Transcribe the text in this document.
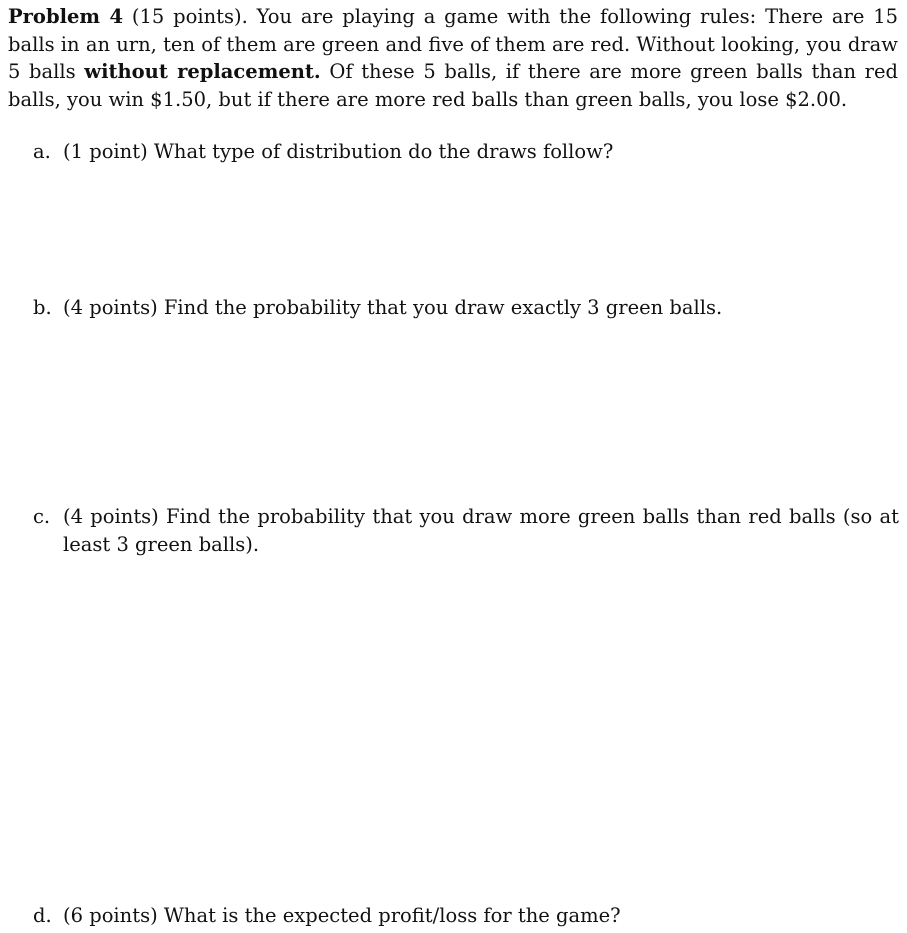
Problem 4 (15 points). You are playing a game with the following rules: There are 15 balls in an urn, ten of them are green and five of them are red. Without looking, you draw 5 balls without replacement. Of these 5 balls, if there are more green balls than red balls, you win $1.50, but if there are more red balls than green balls, you lose $2.00.
a. (1 point) What type of distribution do the draws follow?
b. (4 points) Find the probability that you draw exactly 3 green balls.
c. (4 points) Find the probability that you draw more green balls than red balls (so at least 3 green balls).
d. (6 points) What is the expected profit/loss for the game?
